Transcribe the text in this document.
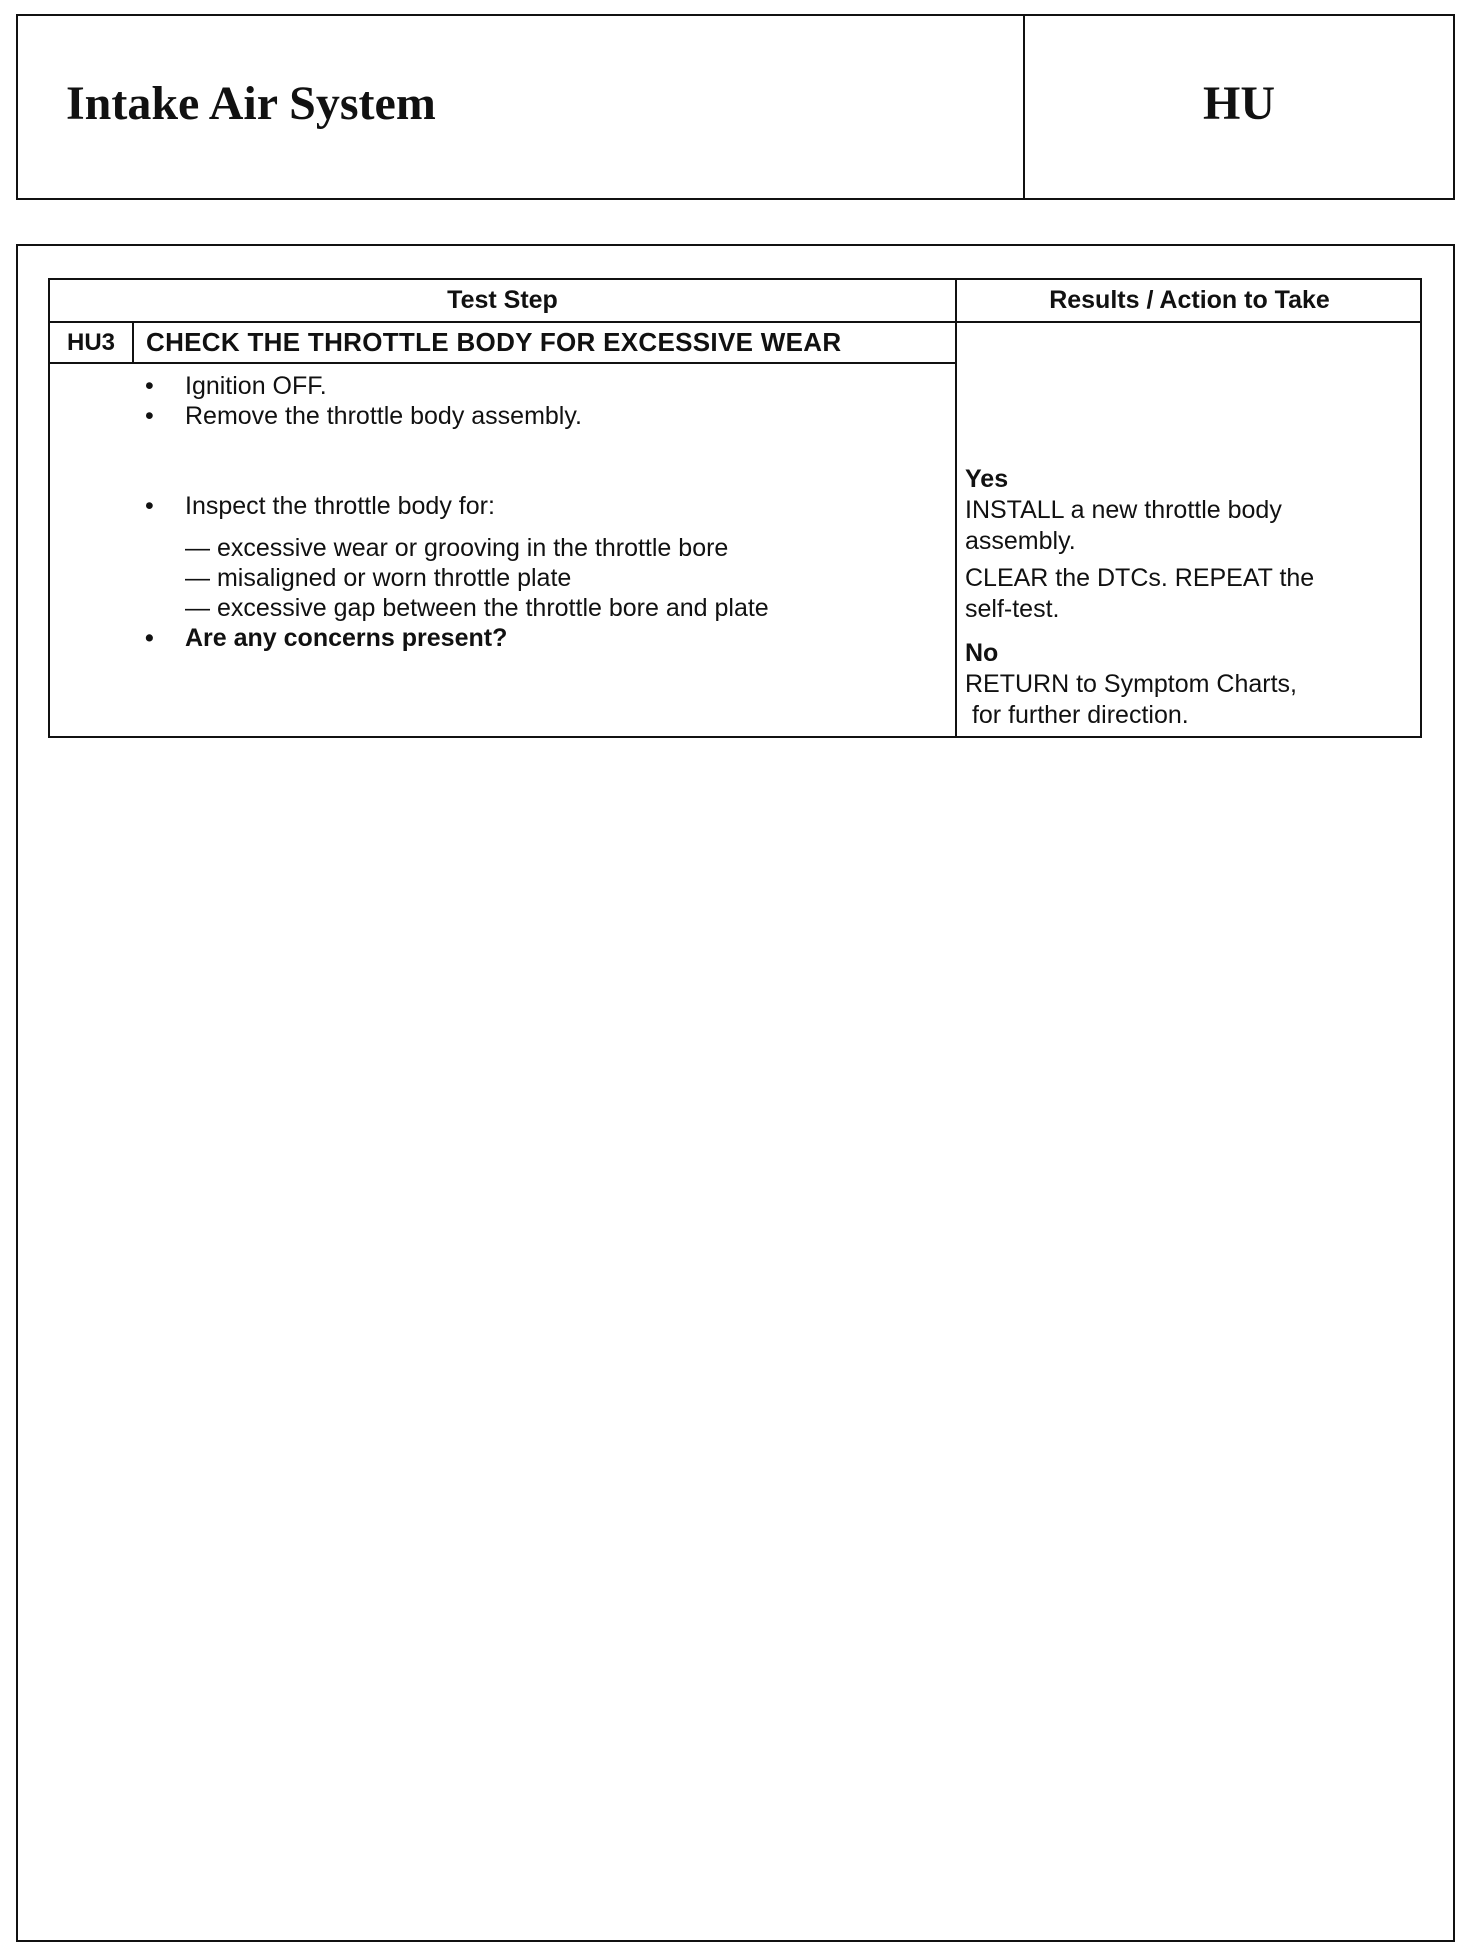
Intake Air System	HU
Test Step	Results / Action to Take
HU3	CHECK THE THROTTLE BODY FOR EXCESSIVE WEAR
•	Ignition OFF.
•	Remove the throttle body assembly.
•	Inspect the throttle body for:
— excessive wear or grooving in the throttle bore
— misaligned or worn throttle plate
— excessive gap between the throttle bore and plate
•	Are any concerns present?
Yes
INSTALL a new throttle body
assembly.
CLEAR the DTCs. REPEAT the
self-test.
No
RETURN to Symptom Charts,
for further direction.
